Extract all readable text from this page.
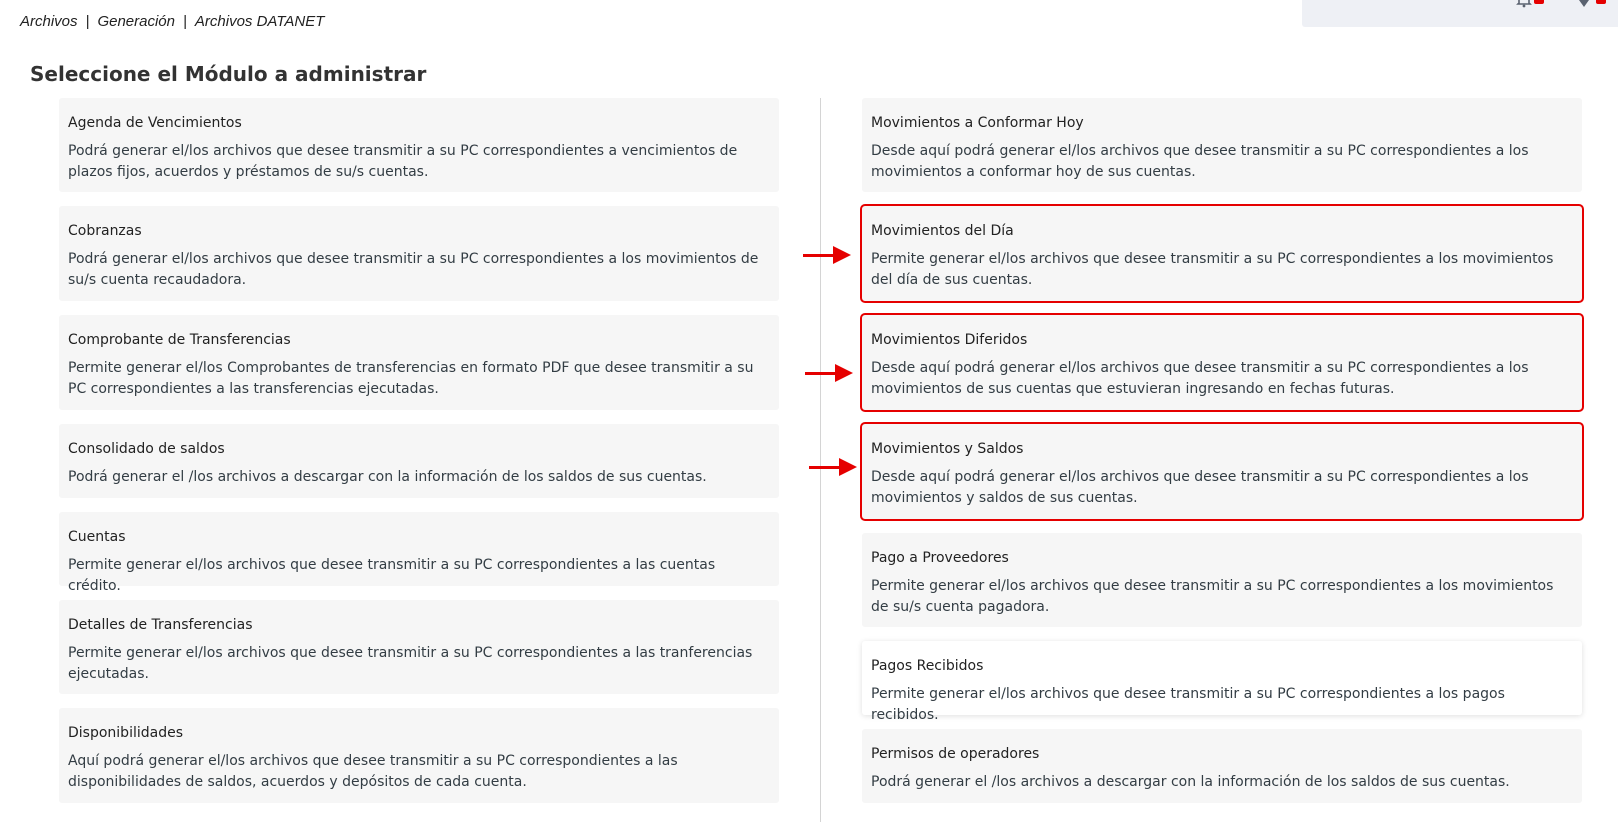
Archivos | Generación | Archivos DATANET
Seleccione el Módulo a administrar
Agenda de Vencimientos
Podrá generar el/los archivos que desee transmitir a su PC correspondientes a vencimientos de plazos fijos, acuerdos y préstamos de su/s cuentas.
Cobranzas
Podrá generar el/los archivos que desee transmitir a su PC correspondientes a los movimientos de su/s cuenta recaudadora.
Comprobante de Transferencias
Permite generar el/los Comprobantes de transferencias en formato PDF que desee transmitir a su PC correspondientes a las transferencias ejecutadas.
Consolidado de saldos
Podrá generar el /los archivos a descargar con la información de los saldos de sus cuentas.
Cuentas
Permite generar el/los archivos que desee transmitir a su PC correspondientes a las cuentas crédito.
Detalles de Transferencias
Permite generar el/los archivos que desee transmitir a su PC correspondientes a las tranferencias ejecutadas.
Disponibilidades
Aquí podrá generar el/los archivos que desee transmitir a su PC correspondientes a las disponibilidades de saldos, acuerdos y depósitos de cada cuenta.
Movimientos a Conformar Hoy
Desde aquí podrá generar el/los archivos que desee transmitir a su PC correspondientes a los movimientos a conformar hoy de sus cuentas.
Movimientos del Día
Permite generar el/los archivos que desee transmitir a su PC correspondientes a los movimientos del día de sus cuentas.
Movimientos Diferidos
Desde aquí podrá generar el/los archivos que desee transmitir a su PC correspondientes a los movimientos de sus cuentas que estuvieran ingresando en fechas futuras.
Movimientos y Saldos
Desde aquí podrá generar el/los archivos que desee transmitir a su PC correspondientes a los movimientos y saldos de sus cuentas.
Pago a Proveedores
Permite generar el/los archivos que desee transmitir a su PC correspondientes a los movimientos de su/s cuenta pagadora.
Pagos Recibidos
Permite generar el/los archivos que desee transmitir a su PC correspondientes a los pagos recibidos.
Permisos de operadores
Podrá generar el /los archivos a descargar con la información de los saldos de sus cuentas.
